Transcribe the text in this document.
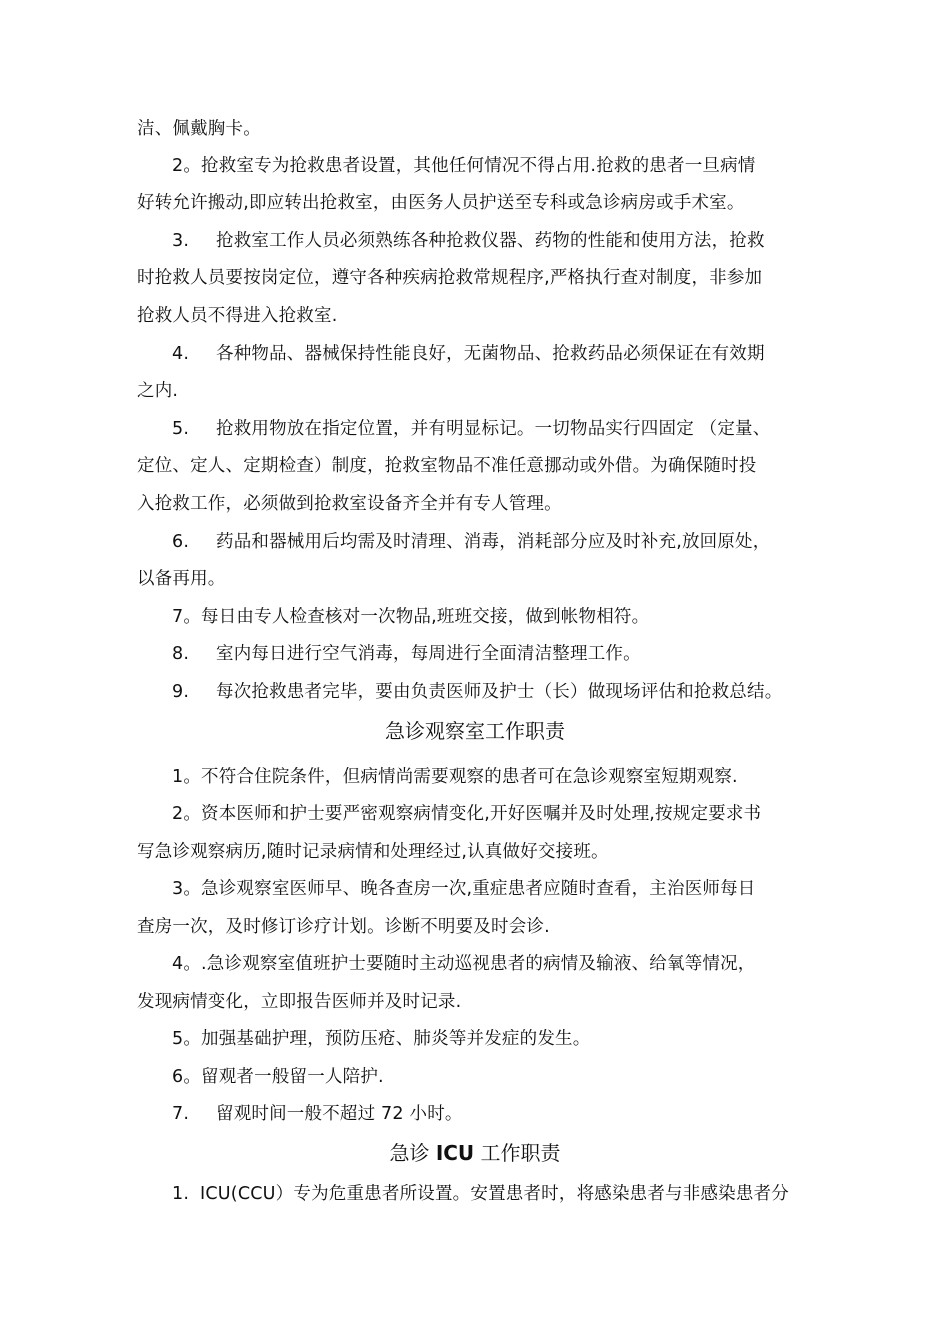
洁、佩戴胸卡。
2。抢救室专为抢救患者设置，其他任何情况不得占用.抢救的患者一旦病情
好转允许搬动,即应转出抢救室，由医务人员护送至专科或急诊病房或手术室。
3. 抢救室工作人员必须熟练各种抢救仪器、药物的性能和使用方法，抢救
时抢救人员要按岗定位，遵守各种疾病抢救常规程序,严格执行查对制度，非参加
抢救人员不得进入抢救室.
4. 各种物品、器械保持性能良好，无菌物品、抢救药品必须保证在有效期
之内.
5. 抢救用物放在指定位置，并有明显标记。一切物品实行四固定 （定量、
定位、定人、定期检查）制度，抢救室物品不准任意挪动或外借。为确保随时投
入抢救工作，必须做到抢救室设备齐全并有专人管理。
6. 药品和器械用后均需及时清理、消毒，消耗部分应及时补充,放回原处，
以备再用。
7。每日由专人检查核对一次物品,班班交接，做到帐物相符。
8. 室内每日进行空气消毒，每周进行全面清洁整理工作。
9. 每次抢救患者完毕，要由负责医师及护士（长）做现场评估和抢救总结。
急诊观察室工作职责
1。不符合住院条件，但病情尚需要观察的患者可在急诊观察室短期观察.
2。资本医师和护士要严密观察病情变化,开好医嘱并及时处理,按规定要求书
写急诊观察病历,随时记录病情和处理经过,认真做好交接班。
3。急诊观察室医师早、晚各查房一次,重症患者应随时查看，主治医师每日
查房一次，及时修订诊疗计划。诊断不明要及时会诊.
4。.急诊观察室值班护士要随时主动巡视患者的病情及输液、给氧等情况，
发现病情变化，立即报告医师并及时记录.
5。加强基础护理，预防压疮、肺炎等并发症的发生。
6。留观者一般留一人陪护.
7. 留观时间一般不超过 72 小时。
急诊 ICU 工作职责
1. ICU(CCU）专为危重患者所设置。安置患者时，将感染患者与非感染患者分
